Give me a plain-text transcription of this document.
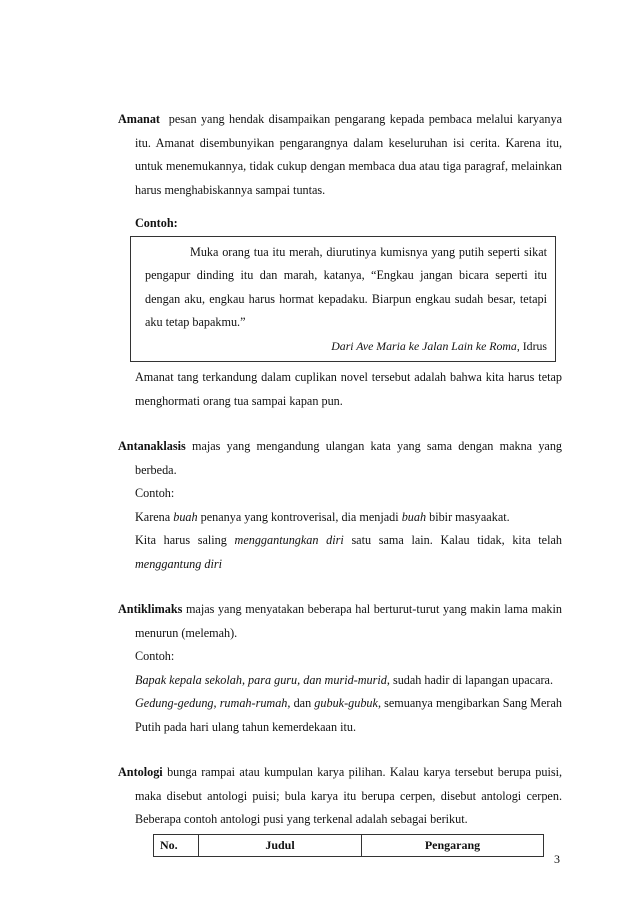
Amanat pesan yang hendak disampaikan pengarang kepada pembaca melalui karyanya itu. Amanat disembunyikan pengarangnya dalam keseluruhan isi cerita. Karena itu, untuk menemukannya, tidak cukup dengan membaca dua atau tiga paragraf, melainkan harus menghabiskannya sampai tuntas.

Contoh:

Muka orang tua itu merah, diurutinya kumisnya yang putih seperti sikat pengapur dinding itu dan marah, katanya, “Engkau jangan bicara seperti itu dengan aku, engkau harus hormat kepadaku. Biarpun engkau sudah besar, tetapi aku tetap bapakmu.”

Dari Ave Maria ke Jalan Lain ke Roma, Idrus

Amanat tang terkandung dalam cuplikan novel tersebut adalah bahwa kita harus tetap menghormati orang tua sampai kapan pun.

Antanaklasis majas yang mengandung ulangan kata yang sama dengan makna yang berbeda.

Contoh:

Karena buah penanya yang kontroverisal, dia menjadi buah bibir masyaakat.

Kita harus saling menggantungkan diri satu sama lain. Kalau tidak, kita telah menggantung diri

Antiklimaks majas yang menyatakan beberapa hal berturut-turut yang makin lama makin menurun (melemah).

Contoh:

Bapak kepala sekolah, para guru, dan murid-murid, sudah hadir di lapangan upacara.

Gedung-gedung, rumah-rumah, dan gubuk-gubuk, semuanya mengibarkan Sang Merah Putih pada hari ulang tahun kemerdekaan itu.

Antologi bunga rampai atau kumpulan karya pilihan. Kalau karya tersebut berupa puisi, maka disebut antologi puisi; bula karya itu berupa cerpen, disebut antologi cerpen. Beberapa contoh antologi pusi yang terkenal adalah sebagai berikut.

No.	Judul	Pengarang
3
